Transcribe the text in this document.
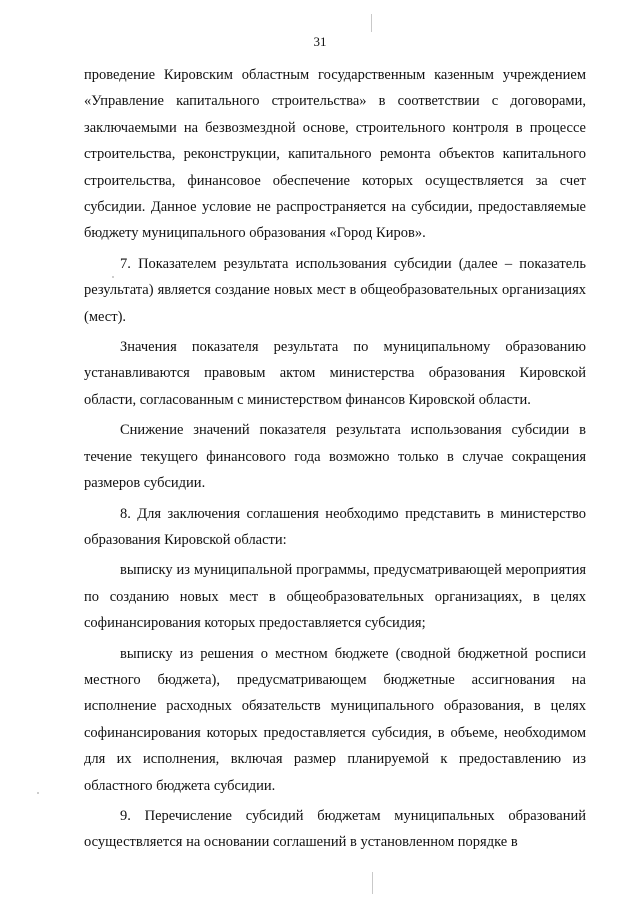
31

проведение Кировским областным государственным казенным учреждением «Управление капитального строительства» в соответствии с договорами, заключаемыми на безвозмездной основе, строительного контроля в процессе строительства, реконструкции, капитального ремонта объектов капитального строительства, финансовое обеспечение которых осуществляется за счет субсидии. Данное условие не распространяется на субсидии, предоставляемые бюджету муниципального образования «Город Киров».

7. Показателем результата использования субсидии (далее – показатель результата) является создание новых мест в общеобразовательных организациях (мест).

Значения показателя результата по муниципальному образованию устанавливаются правовым актом министерства образования Кировской области, согласованным с министерством финансов Кировской области.

Снижение значений показателя результата использования субсидии в течение текущего финансового года возможно только в случае сокращения размеров субсидии.

8. Для заключения соглашения необходимо представить в министерство образования Кировской области:

выписку из муниципальной программы, предусматривающей мероприятия по созданию новых мест в общеобразовательных организациях, в целях софинансирования которых предоставляется субсидия;

выписку из решения о местном бюджете (сводной бюджетной росписи местного бюджета), предусматривающем бюджетные ассигнования на исполнение расходных обязательств муниципального образования, в целях софинансирования которых предоставляется субсидия, в объеме, необходимом для их исполнения, включая размер планируемой к предоставлению из областного бюджета субсидии.

9. Перечисление субсидий бюджетам муниципальных образований осуществляется на основании соглашений в установленном порядке в
